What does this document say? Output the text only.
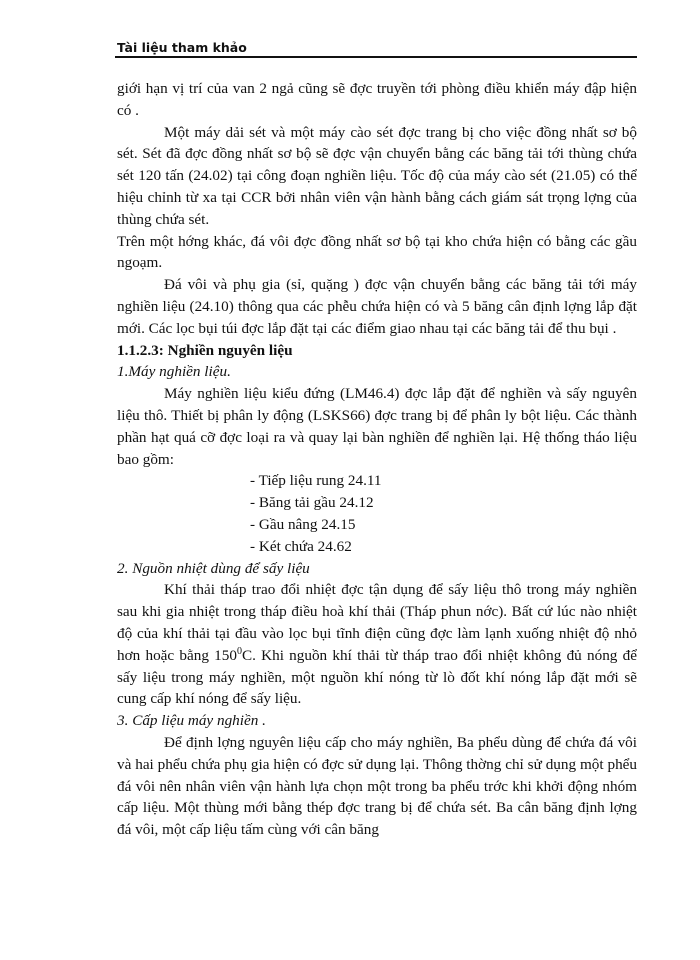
Tài liệu tham khảo

giới hạn vị trí của van 2 ngả cũng sẽ đợc truyền tới phòng điều khiển máy đập hiện có .

Một máy dải sét và một máy cào sét đợc trang bị cho việc đồng nhất sơ bộ sét. Sét đã đợc đồng nhất sơ bộ sẽ đợc vận chuyển bằng các băng tải tới thùng chứa sét 120 tấn (24.02) tại công đoạn nghiền liệu. Tốc độ của máy cào sét (21.05) có thể hiệu chỉnh từ xa tại CCR bởi nhân viên vận hành bằng cách giám sát trọng lợng của thùng chứa sét.

Trên một hớng khác, đá vôi đợc đồng nhất sơ bộ tại kho chứa hiện có bằng các gầu ngoạm.

Đá vôi và phụ gia (sỉ, quặng ) đợc vận chuyển bằng các băng tải tới máy nghiền liệu (24.10) thông qua các phễu chứa hiện có và 5 băng cân định lợng lắp đặt mới. Các lọc bụi túi đợc lắp đặt tại các điểm giao nhau tại các băng tải để thu bụi .

1.1.2.3: Nghiền nguyên liệu

1.Máy nghiền liệu.

Máy nghiền liệu kiểu đứng (LM46.4) đợc lắp đặt để nghiền và sấy nguyên liệu thô. Thiết bị phân ly động (LSKS66) đợc trang bị để phân ly bột liệu. Các thành phần hạt quá cỡ đợc loại ra và quay lại bàn nghiền để nghiền lại. Hệ thống tháo liệu bao gồm:

- Tiếp liệu rung 24.11
- Băng tải gầu 24.12
- Gầu nâng 24.15
- Két chứa 24.62

2. Nguồn nhiệt dùng để sấy liệu

Khí thải tháp trao đổi nhiệt đợc tận dụng để sấy liệu thô trong máy nghiền sau khi gia nhiệt trong tháp điều hoà khí thải (Tháp phun nớc). Bất cứ lúc nào nhiệt độ của khí thải tại đầu vào lọc bụi tĩnh điện cũng đợc làm lạnh xuống nhiệt độ nhỏ hơn hoặc bằng $150^0C$. Khi nguồn khí thải từ tháp trao đổi nhiệt không đủ nóng để sấy liệu trong máy nghiền, một nguồn khí nóng từ lò đốt khí nóng lắp đặt mới sẽ cung cấp khí nóng để sấy liệu.

3. Cấp liệu máy nghiền .

Để định lợng nguyên liệu cấp cho máy nghiền, Ba phểu dùng để chứa đá vôi và hai phểu chứa phụ gia hiện có đợc sử dụng lại. Thông thờng chỉ sử dụng một phểu đá vôi nên nhân viên vận hành lựa chọn một trong ba phểu trớc khi khởi động nhóm cấp liệu. Một thùng mới bằng thép đợc trang bị để chứa sét. Ba cân băng định lợng đá vôi, một cấp liệu tấm cùng với cân băng
